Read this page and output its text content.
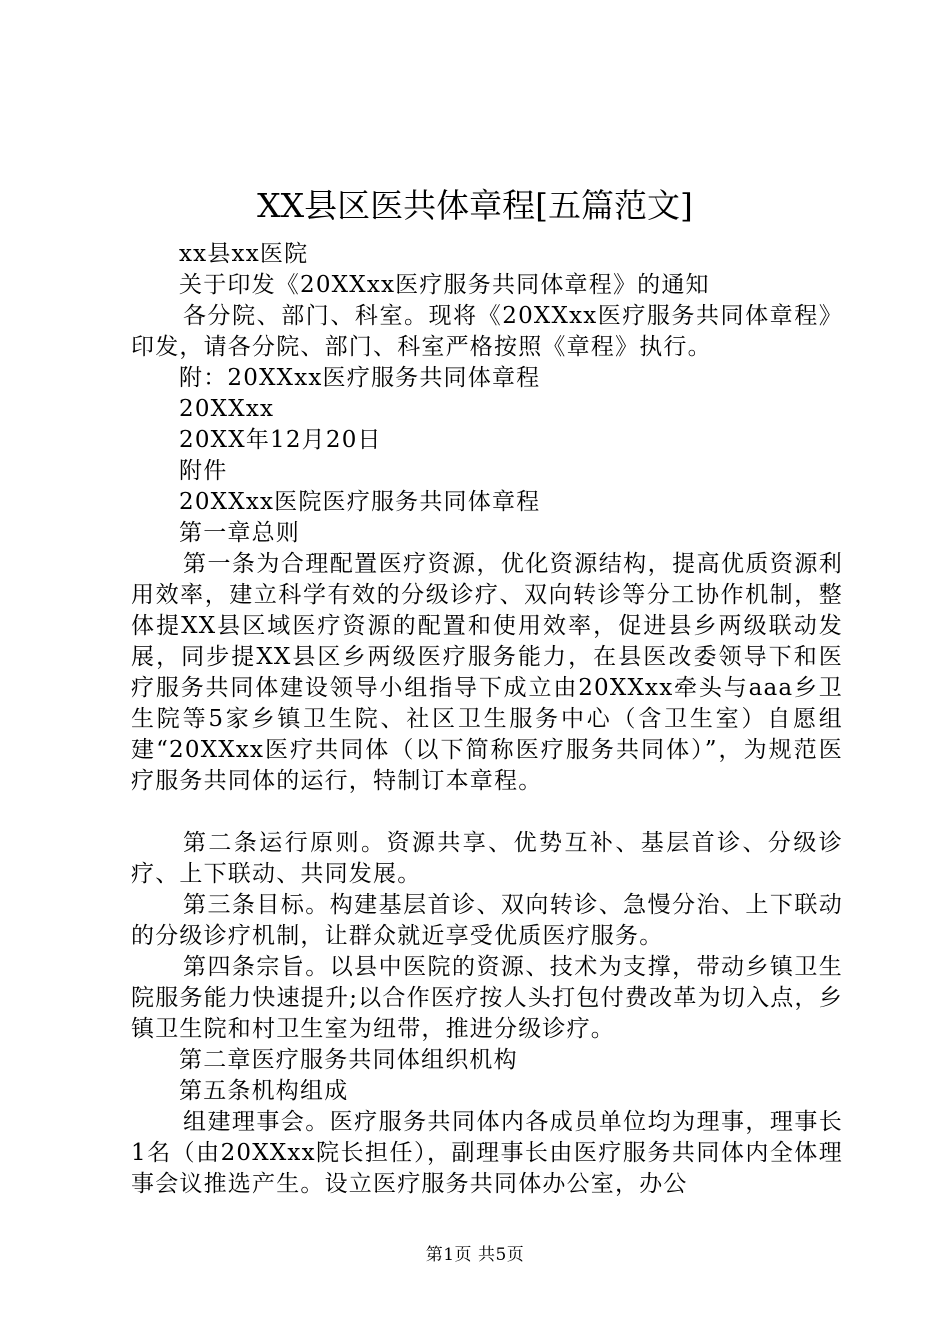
XX县区医共体章程[五篇范文]

xx县xx医院

关于印发《20XXxx医疗服务共同体章程》的通知

各分院、部门、科室。现将《20XXxx医疗服务共同体章程》印发，请各分院、部门、科室严格按照《章程》执行。

附：20XXxx医疗服务共同体章程

20XXxx

20XX年12月20日

附件

20XXxx医院医疗服务共同体章程

第一章总则

第一条为合理配置医疗资源，优化资源结构，提高优质资源利用效率，建立科学有效的分级诊疗、双向转诊等分工协作机制，整体提XX县区域医疗资源的配置和使用效率，促进县乡两级联动发展，同步提XX县区乡两级医疗服务能力，在县医改委领导下和医疗服务共同体建设领导小组指导下成立由20XXxx牵头与aaa乡卫生院等5家乡镇卫生院、社区卫生服务中心（含卫生室）自愿组建“20XXxx医疗共同体（以下简称医疗服务共同体）”，为规范医疗服务共同体的运行，特制订本章程。

第二条运行原则。资源共享、优势互补、基层首诊、分级诊疗、上下联动、共同发展。

第三条目标。构建基层首诊、双向转诊、急慢分治、上下联动的分级诊疗机制，让群众就近享受优质医疗服务。

第四条宗旨。以县中医院的资源、技术为支撑，带动乡镇卫生院服务能力快速提升;以合作医疗按人头打包付费改革为切入点，乡镇卫生院和村卫生室为纽带，推进分级诊疗。

第二章医疗服务共同体组织机构

第五条机构组成

组建理事会。医疗服务共同体内各成员单位均为理事，理事长1名（由20XXxx院长担任），副理事长由医疗服务共同体内全体理事会议推选产生。设立医疗服务共同体办公室，办公

第1页 共5页
